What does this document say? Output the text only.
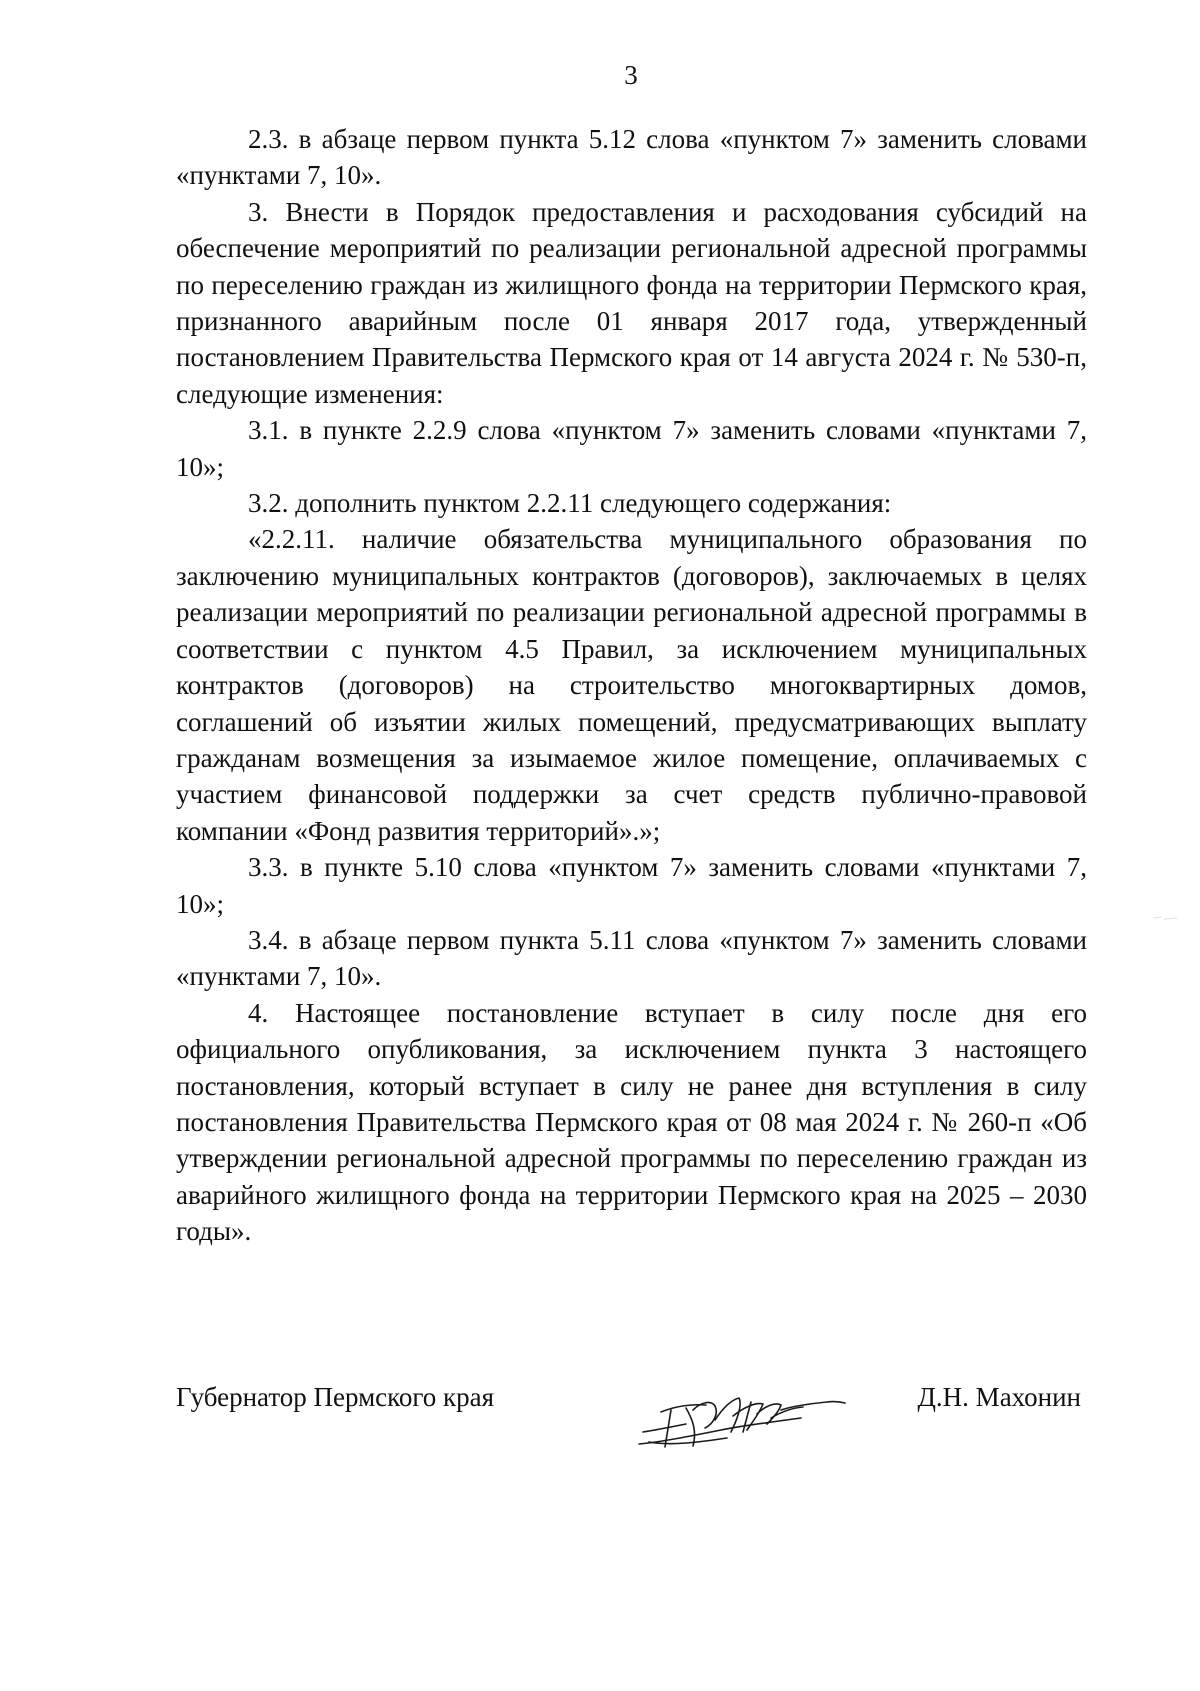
3

2.3. в абзаце первом пункта 5.12 слова «пунктом 7» заменить словами «пунктами 7, 10».

3. Внести в Порядок предоставления и расходования субсидий на обеспечение мероприятий по реализации региональной адресной программы по переселению граждан из жилищного фонда на территории Пермского края, признанного аварийным после 01 января 2017 года, утвержденный постановлением Правительства Пермского края от 14 августа 2024 г. № 530-п, следующие изменения:

3.1. в пункте 2.2.9 слова «пунктом 7» заменить словами «пунктами 7, 10»;

3.2. дополнить пунктом 2.2.11 следующего содержания:

«2.2.11. наличие обязательства муниципального образования по заключению муниципальных контрактов (договоров), заключаемых в целях реализации мероприятий по реализации региональной адресной программы в соответствии с пунктом 4.5 Правил, за исключением муниципальных контрактов (договоров) на строительство многоквартирных домов, соглашений об изъятии жилых помещений, предусматривающих выплату гражданам возмещения за изымаемое жилое помещение, оплачиваемых с участием финансовой поддержки за счет средств публично-правовой компании «Фонд развития территорий».»;

3.3. в пункте 5.10 слова «пунктом 7» заменить словами «пунктами 7, 10»;

3.4. в абзаце первом пункта 5.11 слова «пунктом 7» заменить словами «пунктами 7, 10».

4. Настоящее постановление вступает в силу после дня его официального опубликования, за исключением пункта 3 настоящего постановления, который вступает в силу не ранее дня вступления в силу постановления Правительства Пермского края от 08 мая 2024 г. № 260-п «Об утверждении региональной адресной программы по переселению граждан из аварийного жилищного фонда на территории Пермского края на 2025 – 2030 годы».

Губернатор Пермского края	Д.Н. Махонин
